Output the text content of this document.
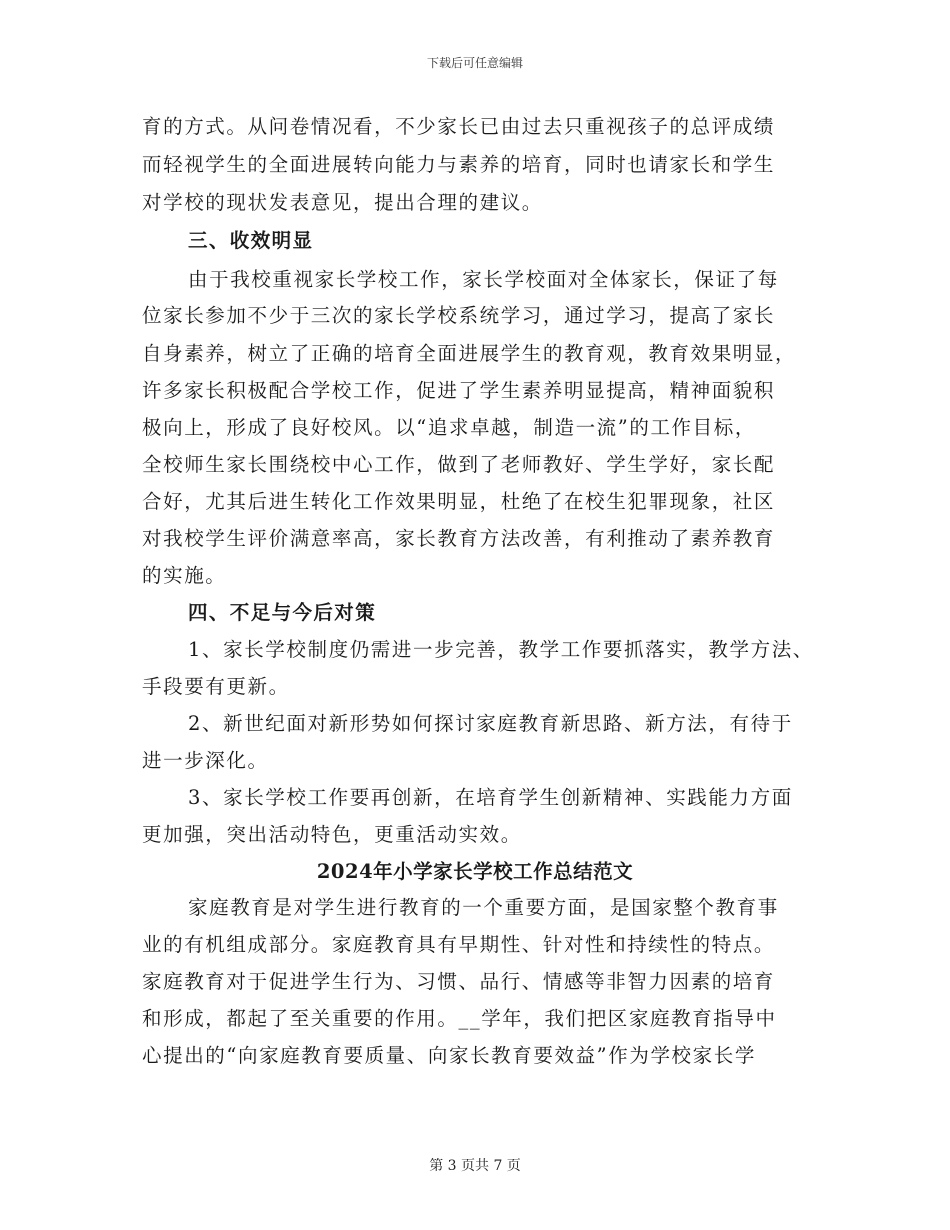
下载后可任意编辑
育的方式。从问卷情况看，不少家长已由过去只重视孩子的总评成绩
而轻视学生的全面进展转向能力与素养的培育，同时也请家长和学生
对学校的现状发表意见，提出合理的建议。
三、收效明显
由于我校重视家长学校工作，家长学校面对全体家长，保证了每
位家长参加不少于三次的家长学校系统学习，通过学习，提高了家长
自身素养，树立了正确的培育全面进展学生的教育观，教育效果明显，
许多家长积极配合学校工作，促进了学生素养明显提高，精神面貌积
极向上，形成了良好校风。以“追求卓越，制造一流”的工作目标，
全校师生家长围绕校中心工作，做到了老师教好、学生学好，家长配
合好，尤其后进生转化工作效果明显，杜绝了在校生犯罪现象，社区
对我校学生评价满意率高，家长教育方法改善，有利推动了素养教育
的实施。
四、不足与今后对策
1、家长学校制度仍需进一步完善，教学工作要抓落实，教学方法、
手段要有更新。
2、新世纪面对新形势如何探讨家庭教育新思路、新方法，有待于
进一步深化。
3、家长学校工作要再创新，在培育学生创新精神、实践能力方面
更加强，突出活动特色，更重活动实效。
2024年小学家长学校工作总结范文
家庭教育是对学生进行教育的一个重要方面，是国家整个教育事
业的有机组成部分。家庭教育具有早期性、针对性和持续性的特点。
家庭教育对于促进学生行为、习惯、品行、情感等非智力因素的培育
和形成，都起了至关重要的作用。__学年，我们把区家庭教育指导中
心提出的“向家庭教育要质量、向家长教育要效益”作为学校家长学
第 3 页共 7 页
